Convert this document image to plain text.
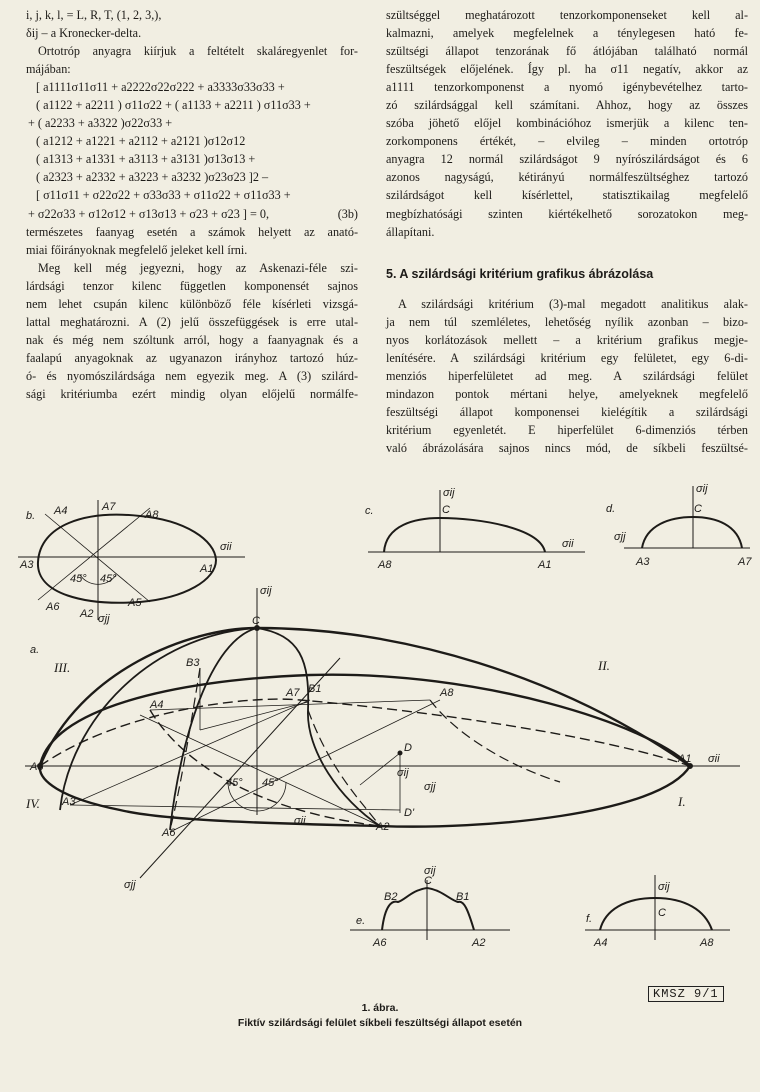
i, j, k, l, = L, R, T, (1, 2, 3,),
δij – a Kronecker-delta.
Ortotróp anyagra kiírjuk a feltételt skaláregyenlet for-
májában:
[ a1111σ11σ11 + a2222σ22σ222 + a3333σ33σ33 +
( a1122 + a2211 ) σ11σ22 + ( a1133 + a2211 ) σ11σ33 +
+ ( a2233 + a3322 )σ22σ33 +
( a1212 + a1221 + a2112 + a2121 )σ12σ12
( a1313 + a1331 + a3113 + a3131 )σ13σ13 +
( a2323 + a2332 + a3223 + a3232 )σ23σ23 ]2 –
[ σ11σ11 + σ22σ22 + σ33σ33 + σ11σ22 + σ11σ33 +
+ σ22σ33 + σ12σ12 + σ13σ13 + σ23 + σ23 ] = 0,	(3b)
természetes faanyag esetén a számok helyett az anató-
miai főirányoknak megfelelő jeleket kell írni.
Meg kell még jegyezni, hogy az Askenazi-féle szi-
lárdsági tenzor kilenc független komponensét sajnos
nem lehet csupán kilenc különböző féle kísérleti vizsgá-
lattal meghatározni. A (2) jelű összefüggések is erre utal-
nak és még nem szóltunk arról, hogy a faanyagnak és a
faalapú anyagoknak az ugyanazon irányhoz tartozó húz-
ó- és nyomószilárdsága nem egyezik meg. A (3) szilárd-
sági kritériumba ezért mindig olyan előjelű normálfe-
szültséggel meghatározott tenzorkomponenseket kell al-
kalmazni, amelyek megfelelnek a ténylegesen ható fe-
szültségi állapot tenzorának fő átlójában található normál
feszültségek előjelének. Így pl. ha σ11 negatív, akkor az
a1111 tenzorkomponenst a nyomó igénybevételhez tarto-
zó szilárdsággal kell számítani. Ahhoz, hogy az összes
szóba jöhető előjel kombinációhoz ismerjük a kilenc ten-
zorkomponens értékét, – elvileg – minden ortotróp
anyagra 12 normál szilárdságot 9 nyírószilárdságot és 6
azonos nagyságú, kétirányú normálfeszültséghez tartozó
szilárdságot kell kísérlettel, statisztikailag megfelelő
megbízhatósági szinten kiértékelhető sorozatokon meg-
állapítani.
5. A szilárdsági kritérium grafikus ábrázolása
A szilárdsági kritérium (3)-mal megadott analitikus alak-
ja nem túl szemléletes, lehetőség nyílik azonban – bizo-
nyos korlátozások mellett – a kritérium grafikus megje-
lenítésére. A szilárdsági kritérium egy felületet, egy 6-di-
menziós hiperfelületet ad meg. A szilárdsági felület
mindazon pontok mértani helye, amelyeknek megfelelő
feszültségi állapot komponensei kielégítik a szilárdsági
kritérium egyenletét. E hiperfelület 6-dimenziós térben
való ábrázolására sajnos nincs mód, de síkbeli feszültsé-
b.	c.	d.
a.
e.	f.
I.
II.
III.
IV.
A4	A7
A8
σii
A3	A1
45° 45°
A6	A5
A2 σjj
σij
C
σii
A8	A1
σij
C
σjj
A3	A7
σij
C
B3
A7 B1
A4
A8
A1 σii
A5
D
σij
σjj
D'
45° 45°
A3
σii
A6	A2
σjj
σij
C
B2	B1
A6	A2
σij
C
A4	A8
KMSZ 9/1
1. ábra.
Fiktív szilárdsági felület síkbeli feszültségi állapot esetén
